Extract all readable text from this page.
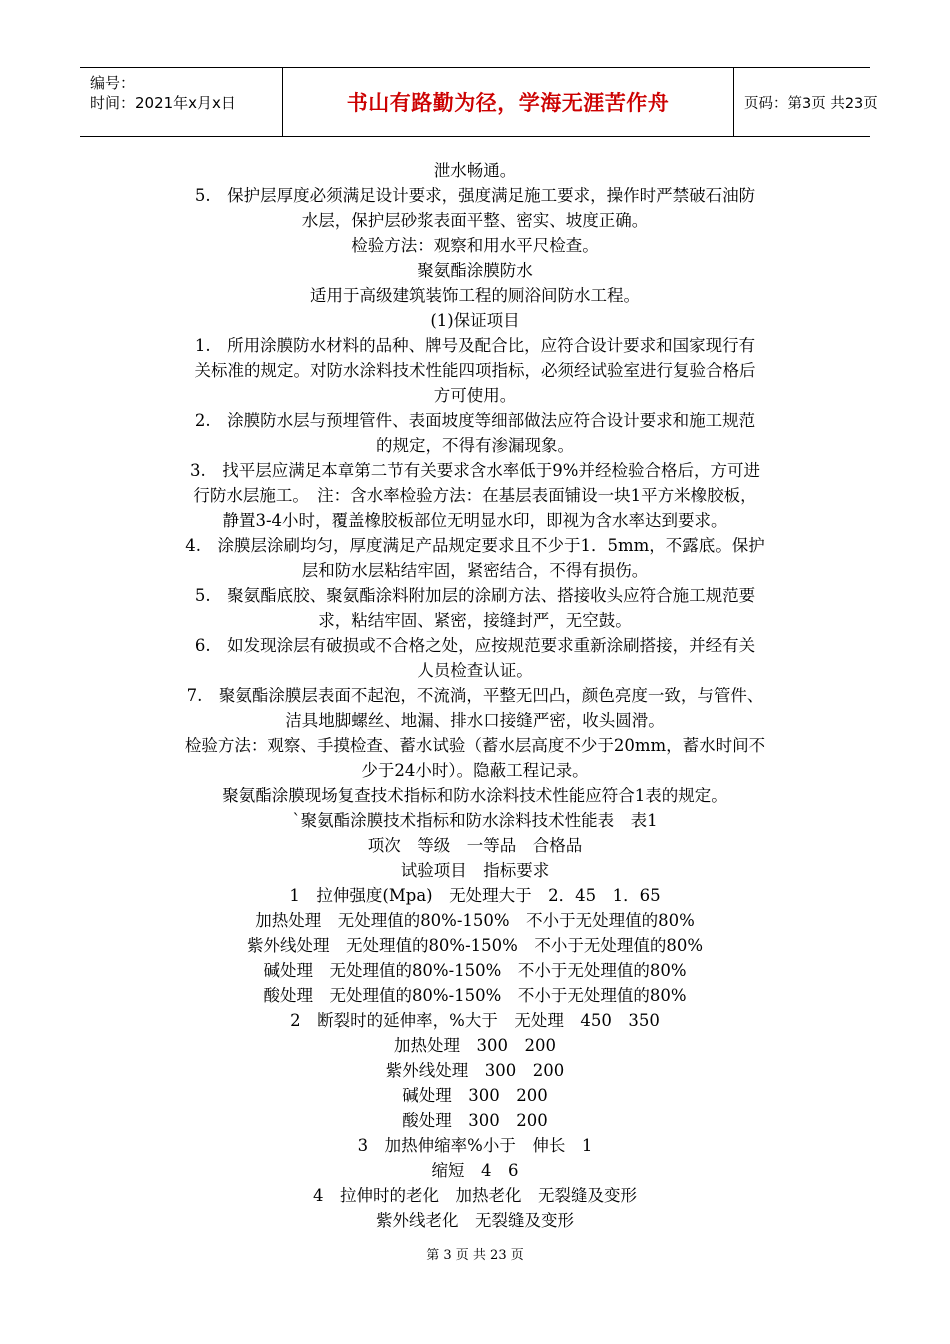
编号：
时间：2021年x月x日	书山有路勤为径，学海无涯苦作舟	页码：第3页 共23页
泄水畅通。
5.　保护层厚度必须满足设计要求，强度满足施工要求，操作时严禁破石油防
水层，保护层砂浆表面平整、密实、坡度正确。
检验方法：观察和用水平尺检查。
聚氨酯涂膜防水
适用于高级建筑装饰工程的厕浴间防水工程。
(1)保证项目
1.　所用涂膜防水材料的品种、牌号及配合比，应符合设计要求和国家现行有
关标准的规定。对防水涂料技术性能四项指标，必须经试验室进行复验合格后
方可使用。
2.　涂膜防水层与预埋管件、表面坡度等细部做法应符合设计要求和施工规范
的规定，不得有渗漏现象。
3.　找平层应满足本章第二节有关要求含水率低于9%并经检验合格后，方可进
行防水层施工。　注：含水率检验方法：在基层表面铺设一块1平方米橡胶板，
静置3-4小时，覆盖橡胶板部位无明显水印，即视为含水率达到要求。
4.　涂膜层涂刷均匀，厚度满足产品规定要求且不少于1．5mm，不露底。保护
层和防水层粘结牢固，紧密结合，不得有损伤。
5.　聚氨酯底胶、聚氨酯涂料附加层的涂刷方法、搭接收头应符合施工规范要
求，粘结牢固、紧密，接缝封严，无空鼓。
6.　如发现涂层有破损或不合格之处，应按规范要求重新涂刷搭接，并经有关
人员检查认证。
7.　聚氨酯涂膜层表面不起泡，不流淌，平整无凹凸，颜色亮度一致，与管件、
洁具地脚螺丝、地漏、排水口接缝严密，收头圆滑。
检验方法：观察、手摸检查、蓄水试验（蓄水层高度不少于20mm，蓄水时间不
少于24小时）。隐蔽工程记录。
聚氨酯涂膜现场复查技术指标和防水涂料技术性能应符合1表的规定。
`聚氨酯涂膜技术指标和防水涂料技术性能表　表1
项次　等级　一等品　合格品
试验项目　指标要求
1　拉伸强度(Mpa)　无处理大于　2．45　1．65
加热处理　无处理值的80%-150%　不小于无处理值的80%
紫外线处理　无处理值的80%-150%　不小于无处理值的80%
碱处理　无处理值的80%-150%　不小于无处理值的80%
酸处理　无处理值的80%-150%　不小于无处理值的80%
2　断裂时的延伸率，%大于　无处理　450　350
加热处理　300　200
紫外线处理　300　200
碱处理　300　200
酸处理　300　200
3　加热伸缩率%小于　伸长　1
缩短　4　6
4　拉伸时的老化　加热老化　无裂缝及变形
紫外线老化　无裂缝及变形
第 3 页 共 23 页
